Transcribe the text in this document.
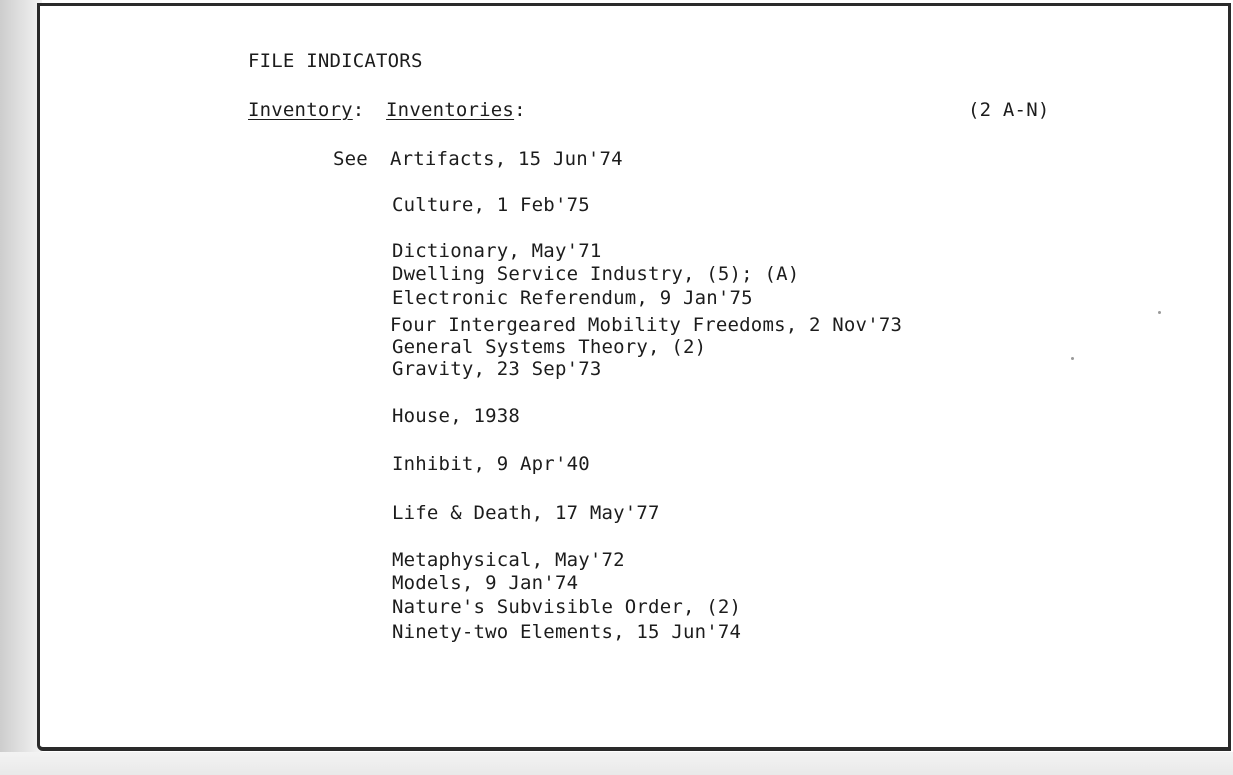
FILE INDICATORS
Inventory: Inventories:	(2 A-N)
See Artifacts, 15 Jun'74
Culture, 1 Feb'75
Dictionary, May'71
Dwelling Service Industry, (5); (A)
Electronic Referendum, 9 Jan'75
Four Intergeared Mobility Freedoms, 2 Nov'73
General Systems Theory, (2)
Gravity, 23 Sep'73
House, 1938
Inhibit, 9 Apr'40
Life & Death, 17 May'77
Metaphysical, May'72
Models, 9 Jan'74
Nature's Subvisible Order, (2)
Ninety-two Elements, 15 Jun'74
